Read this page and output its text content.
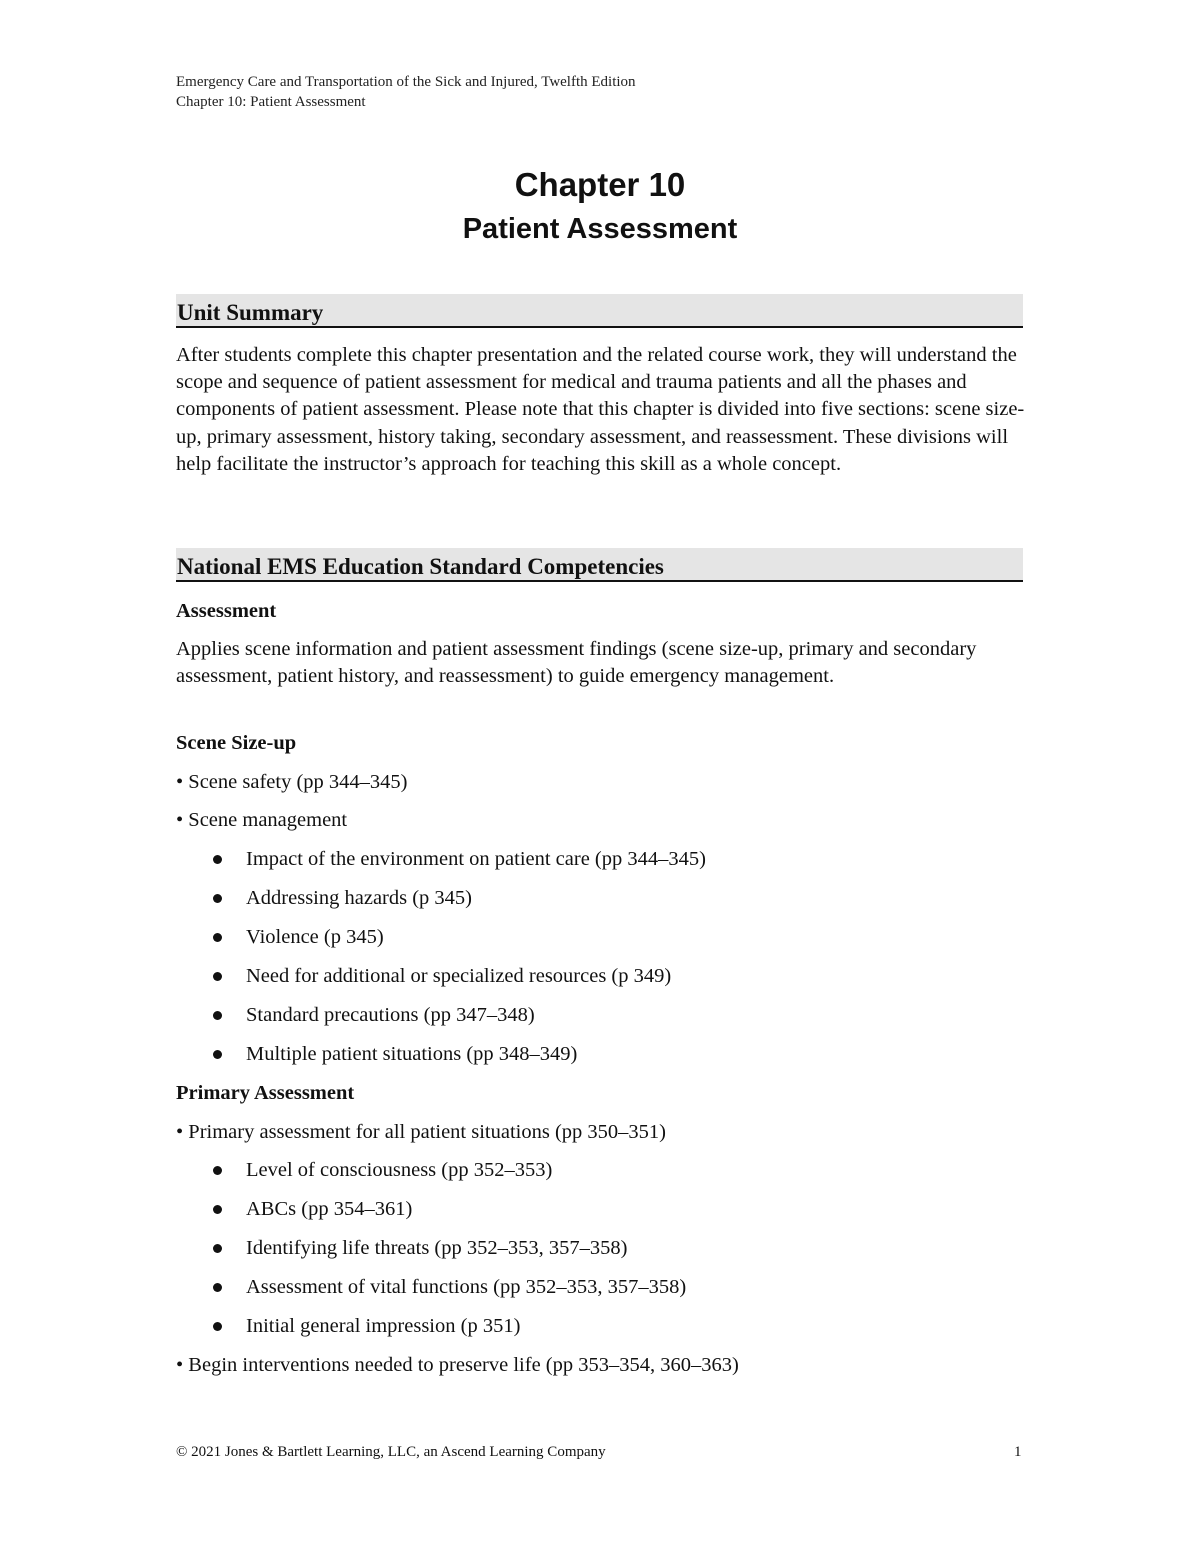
Emergency Care and Transportation of the Sick and Injured, Twelfth Edition
Chapter 10: Patient Assessment
Chapter 10
Patient Assessment
Unit Summary
After students complete this chapter presentation and the related course work, they will understand the scope and sequence of patient assessment for medical and trauma patients and all the phases and components of patient assessment. Please note that this chapter is divided into five sections: scene size-up, primary assessment, history taking, secondary assessment, and reassessment. These divisions will help facilitate the instructor’s approach for teaching this skill as a whole concept.
National EMS Education Standard Competencies
Assessment
Applies scene information and patient assessment findings (scene size-up, primary and secondary assessment, patient history, and reassessment) to guide emergency management.
Scene Size-up
• Scene safety (pp 344–345)
• Scene management
Impact of the environment on patient care (pp 344–345)
Addressing hazards (p 345)
Violence (p 345)
Need for additional or specialized resources (p 349)
Standard precautions (pp 347–348)
Multiple patient situations (pp 348–349)
Primary Assessment
• Primary assessment for all patient situations (pp 350–351)
Level of consciousness (pp 352–353)
ABCs (pp 354–361)
Identifying life threats (pp 352–353, 357–358)
Assessment of vital functions (pp 352–353, 357–358)
Initial general impression (p 351)
• Begin interventions needed to preserve life (pp 353–354, 360–363)
© 2021 Jones & Bartlett Learning, LLC, an Ascend Learning Company	1
